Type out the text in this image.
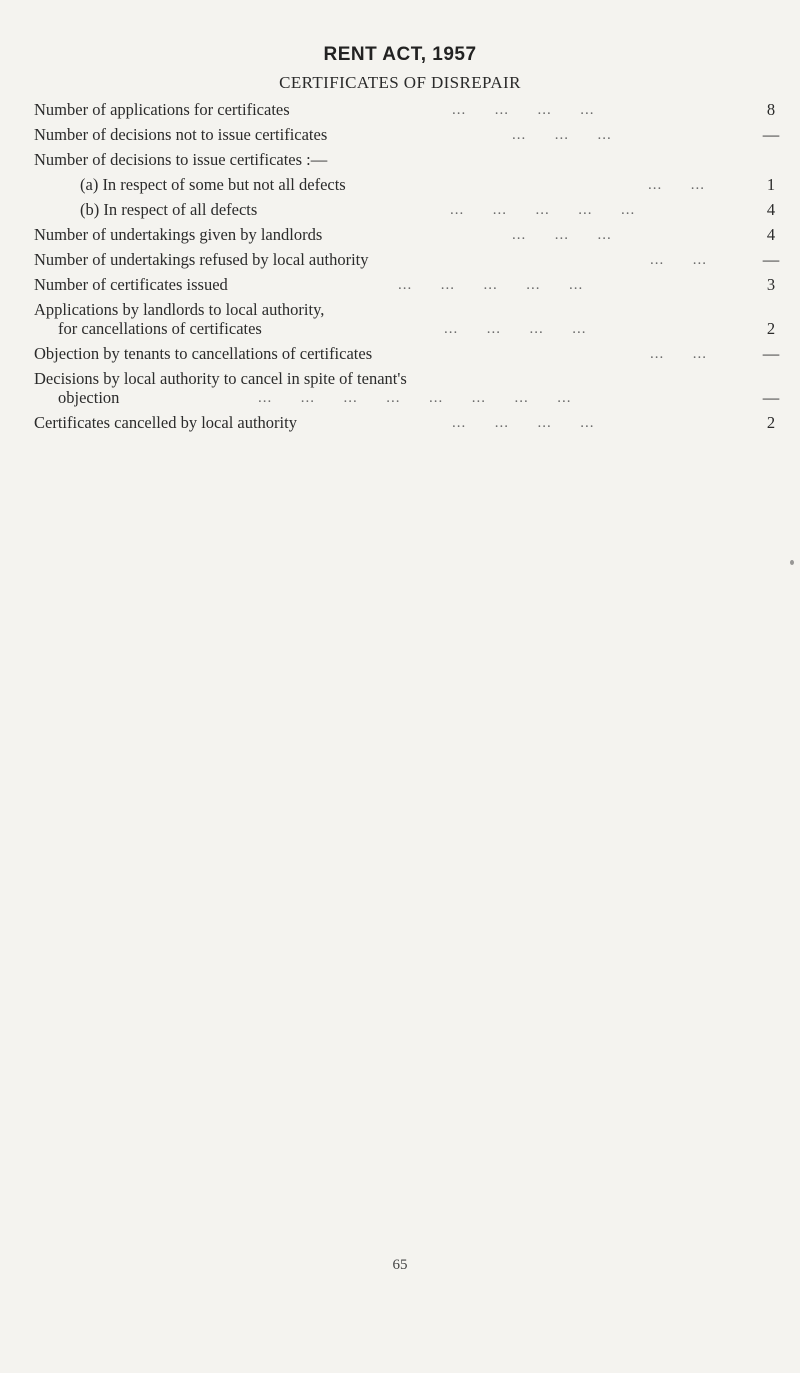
RENT ACT, 1957
CERTIFICATES OF DISREPAIR
Number of applications for certificates	...      ...      ...      ...	8
Number of decisions not to issue certificates	...      ...      ...	—
Number of decisions to issue certificates :—
(a) In respect of some but not all defects	...      ...	1
(b) In respect of all defects	...      ...      ...      ...      ...	4
Number of undertakings given by landlords	...      ...      ...	4
Number of undertakings refused by local authority	...      ...	—
Number of certificates issued	...      ...      ...      ...      ...	3
Applications by landlords to local authority,
for cancellations of certificates	...      ...      ...      ...	2
Objection by tenants to cancellations of certificates	...      ...	—
Decisions by local authority to cancel in spite of tenant's
objection	...      ...      ...      ...      ...      ...      ...      ...	—
Certificates cancelled by local authority	...      ...      ...      ...	2
65
